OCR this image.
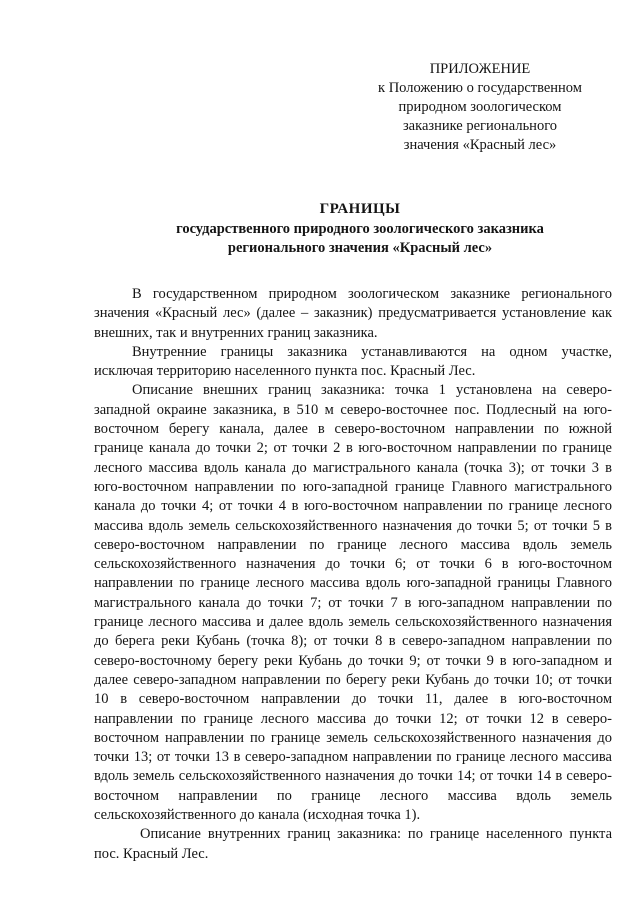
ПРИЛОЖЕНИЕ
к Положению о государственном
природном зоологическом
заказнике регионального
значения «Красный лес»
ГРАНИЦЫ
государственного природного зоологического заказника
регионального значения «Красный лес»

В государственном природном зоологическом заказнике регионального значения «Красный лес» (далее – заказник) предусматривается установление как внешних, так и внутренних границ заказника.

Внутренние границы заказника устанавливаются на одном участке, исключая территорию населенного пункта пос. Красный Лес.

Описание внешних границ заказника: точка 1 установлена на северо-западной окраине заказника, в 510 м северо-восточнее пос. Подлесный на юго-восточном берегу канала, далее в северо-восточном направлении по южной границе канала до точки 2; от точки 2 в юго-восточном направлении по границе лесного массива вдоль канала до магистрального канала (точка 3); от точки 3 в юго-восточном направлении по юго-западной границе Главного магистрального канала до точки 4; от точки 4 в юго-восточном направлении по границе лесного массива вдоль земель сельскохозяйственного назначения до точки 5; от точки 5 в северо-восточном направлении по границе лесного массива вдоль земель сельскохозяйственного назначения до точки 6; от точки 6 в юго-восточном направлении по границе лесного массива вдоль юго-западной границы Главного магистрального канала до точки 7; от точки 7 в юго-западном направлении по границе лесного массива и далее вдоль земель сельскохозяйственного назначения до берега реки Кубань (точка 8); от точки 8 в северо-западном направлении по северо-восточному берегу реки Кубань до точки 9; от точки 9 в юго-западном и далее северо-западном направлении по берегу реки Кубань до точки 10; от точки 10 в северо-восточном направлении до точки 11, далее в юго-восточном направлении по границе лесного массива до точки 12; от точки 12 в северо-восточном направлении по границе земель сельскохозяйственного назначения до точки 13; от точки 13 в северо-западном направлении по границе лесного массива вдоль земель сельскохозяйственного назначения до точки 14; от точки 14 в северо-восточном направлении по границе лесного массива вдоль земель сельскохозяйственного до канала (исходная точка 1).

Описание внутренних границ заказника: по границе населенного пункта пос. Красный Лес.
